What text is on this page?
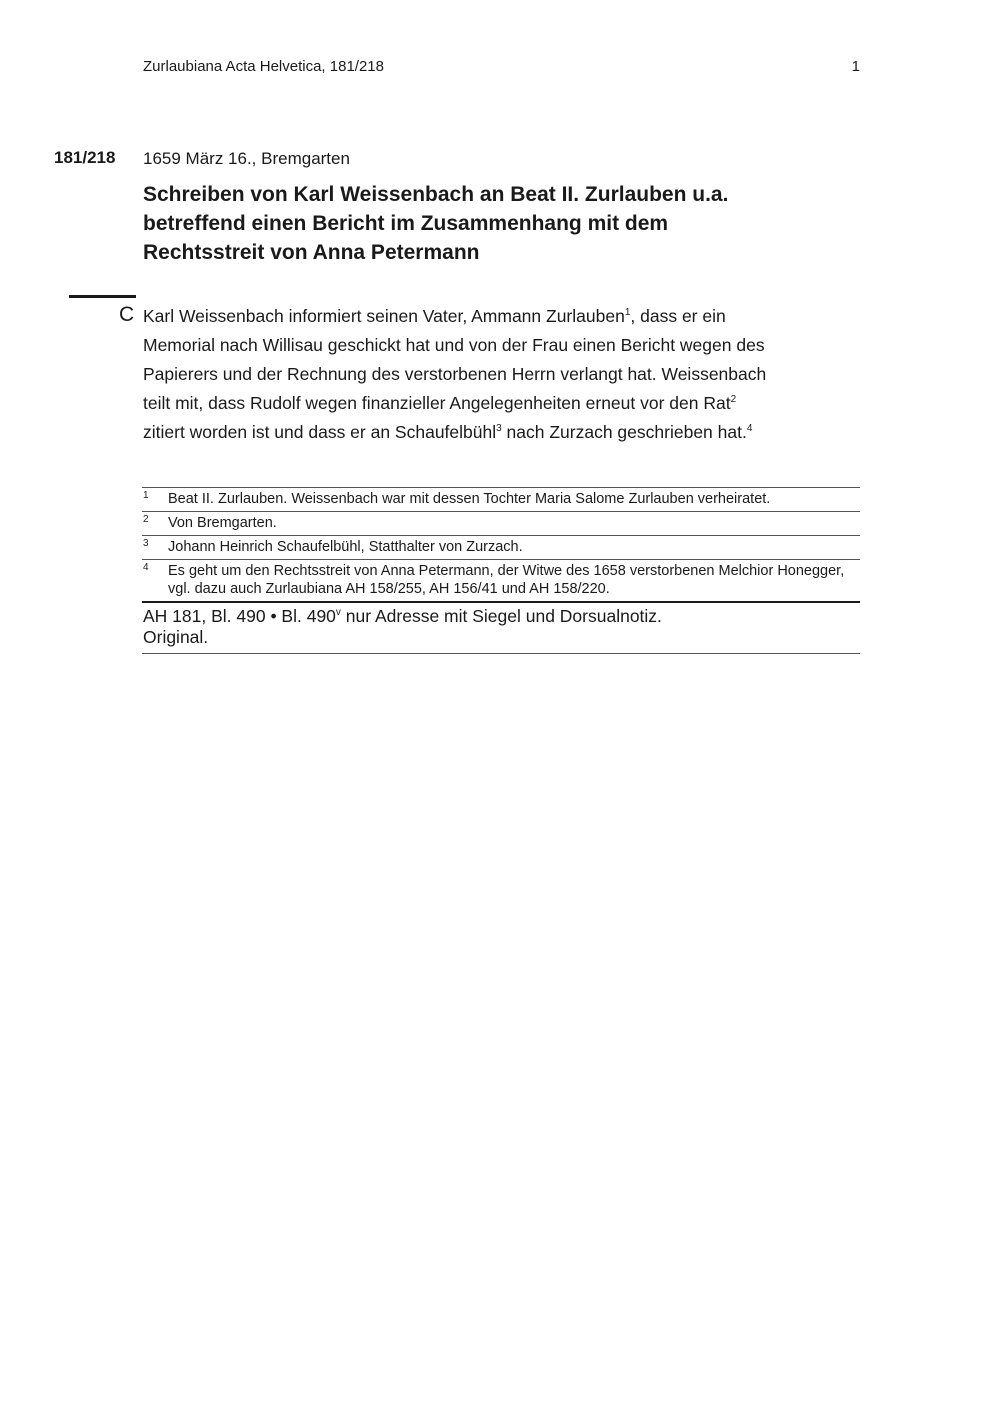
Zurlaubiana Acta Helvetica, 181/218	1
181/218 1659 März 16., Bremgarten
Schreiben von Karl Weissenbach an Beat II. Zurlauben u.a.
betreffend einen Bericht im Zusammenhang mit dem
Rechtsstreit von Anna Petermann
C Karl Weissenbach informiert seinen Vater, Ammann Zurlauben$^1$, dass er ein
Memorial nach Willisau geschickt hat und von der Frau einen Bericht wegen des
Papierers und der Rechnung des verstorbenen Herrn verlangt hat. Weissenbach
teilt mit, dass Rudolf wegen finanzieller Angelegenheiten erneut vor den Rat$^2$
zitiert worden ist und dass er an Schaufelbühl$^3$ nach Zurzach geschrieben hat.$^4$
1	Beat II. Zurlauben. Weissenbach war mit dessen Tochter Maria Salome Zurlauben verheiratet.
2	Von Bremgarten.
3	Johann Heinrich Schaufelbühl, Statthalter von Zurzach.
4	Es geht um den Rechtsstreit von Anna Petermann, der Witwe des 1658 verstorbenen Melchior Honegger, vgl. dazu auch Zurlaubiana AH 158/255, AH 156/41 und AH 158/220.
AH 181, Bl. 490 • Bl. 490$^v$ nur Adresse mit Siegel und Dorsualnotiz.
Original.
